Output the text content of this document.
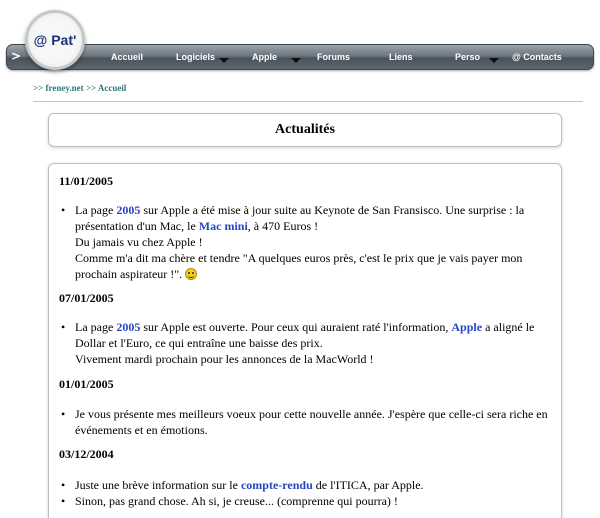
>	Accueil	Logiciels	Apple	Forums	Liens	Perso	@ Contacts
@ Pat'
>> freney.net >> Accueil
Actualités
11/01/2005
• La page 2005 sur Apple a été mise à jour suite au Keynote de San Fransisco. Une surprise : la présentation d'un Mac, le Mac mini, à 470 Euros !
Du jamais vu chez Apple !
Comme m'a dit ma chère et tendre "A quelques euros près, c'est le prix que je vais payer mon prochain aspirateur !".
07/01/2005
• La page 2005 sur Apple est ouverte. Pour ceux qui auraient raté l'information, Apple a aligné le Dollar et l'Euro, ce qui entraîne une baisse des prix.
Vivement mardi prochain pour les annonces de la MacWorld !
01/01/2005
• Je vous présente mes meilleurs voeux pour cette nouvelle année. J'espère que celle-ci sera riche en événements et en émotions.
03/12/2004
• Juste une brève information sur le compte-rendu de l'ITICA, par Apple.
• Sinon, pas grand chose. Ah si, je creuse... (comprenne qui pourra) !
